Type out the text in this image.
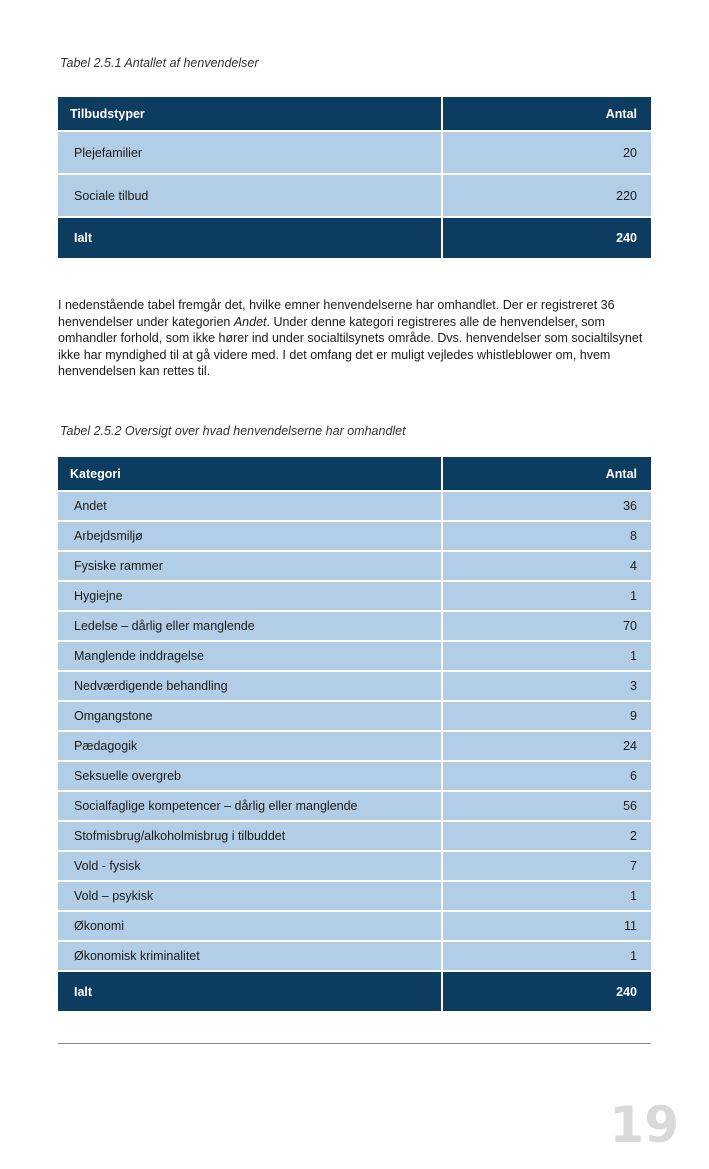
Tabel 2.5.1 Antallet af henvendelser
Tilbudstyper	Antal
Plejefamilier	20
Sociale tilbud	220
Ialt	240

I nedenstående tabel fremgår det, hvilke emner henvendelserne har omhandlet. Der er registreret 36 henvendelser under kategorien Andet. Under denne kategori registreres alle de henvendelser, som omhandler forhold, som ikke hører ind under socialtilsynets område. Dvs. henvendelser som socialtilsynet ikke har myndighed til at gå videre med. I det omfang det er muligt vejledes whistleblower om, hvem henvendelsen kan rettes til.

Tabel 2.5.2 Oversigt over hvad henvendelserne har omhandlet
Kategori	Antal
Andet	36
Arbejdsmiljø	8
Fysiske rammer	4
Hygiejne	1
Ledelse – dårlig eller manglende	70
Manglende inddragelse	1
Nedværdigende behandling	3
Omgangstone	9
Pædagogik	24
Seksuelle overgreb	6
Socialfaglige kompetencer – dårlig eller manglende	56
Stofmisbrug/alkoholmisbrug i tilbuddet	2
Vold - fysisk	7
Vold – psykisk	1
Økonomi	11
Økonomisk kriminalitet	1
Ialt	240
19
